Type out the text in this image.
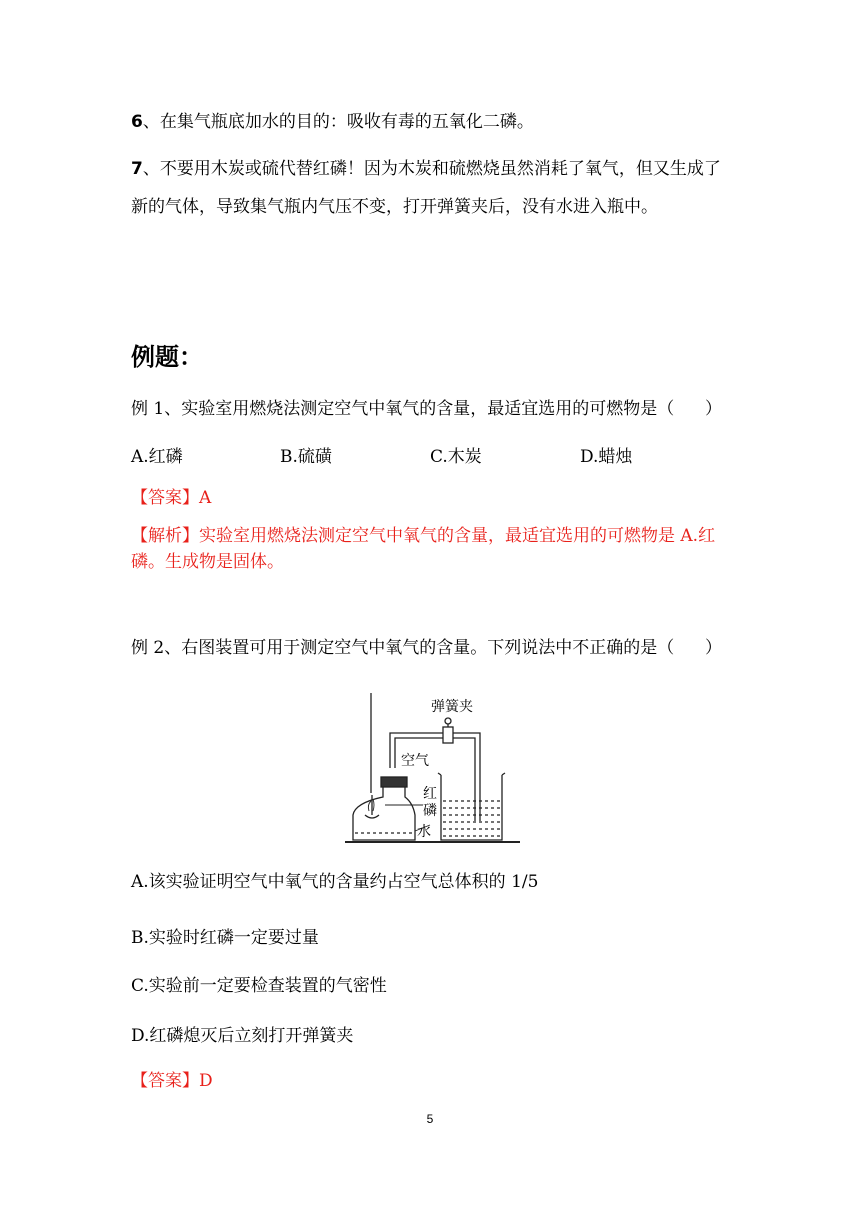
6、在集气瓶底加水的目的：吸收有毒的五氧化二磷。
7、不要用木炭或硫代替红磷！因为木炭和硫燃烧虽然消耗了氧气，但又生成了
新的气体，导致集气瓶内气压不变，打开弹簧夹后，没有水进入瓶中。
例题：
例 1、实验室用燃烧法测定空气中氧气的含量，最适宜选用的可燃物是（ ）
A.红磷	B.硫磺	C.木炭	D.蜡烛
【答案】A
【解析】实验室用燃烧法测定空气中氧气的含量，最适宜选用的可燃物是 A.红
磷。生成物是固体。
例 2、右图装置可用于测定空气中氧气的含量。下列说法中不正确的是（ ）
弹簧夹
空气
红
磷
水
A.该实验证明空气中氧气的含量约占空气总体积的 1/5
B.实验时红磷一定要过量
C.实验前一定要检查装置的气密性
D.红磷熄灭后立刻打开弹簧夹
【答案】D
5
